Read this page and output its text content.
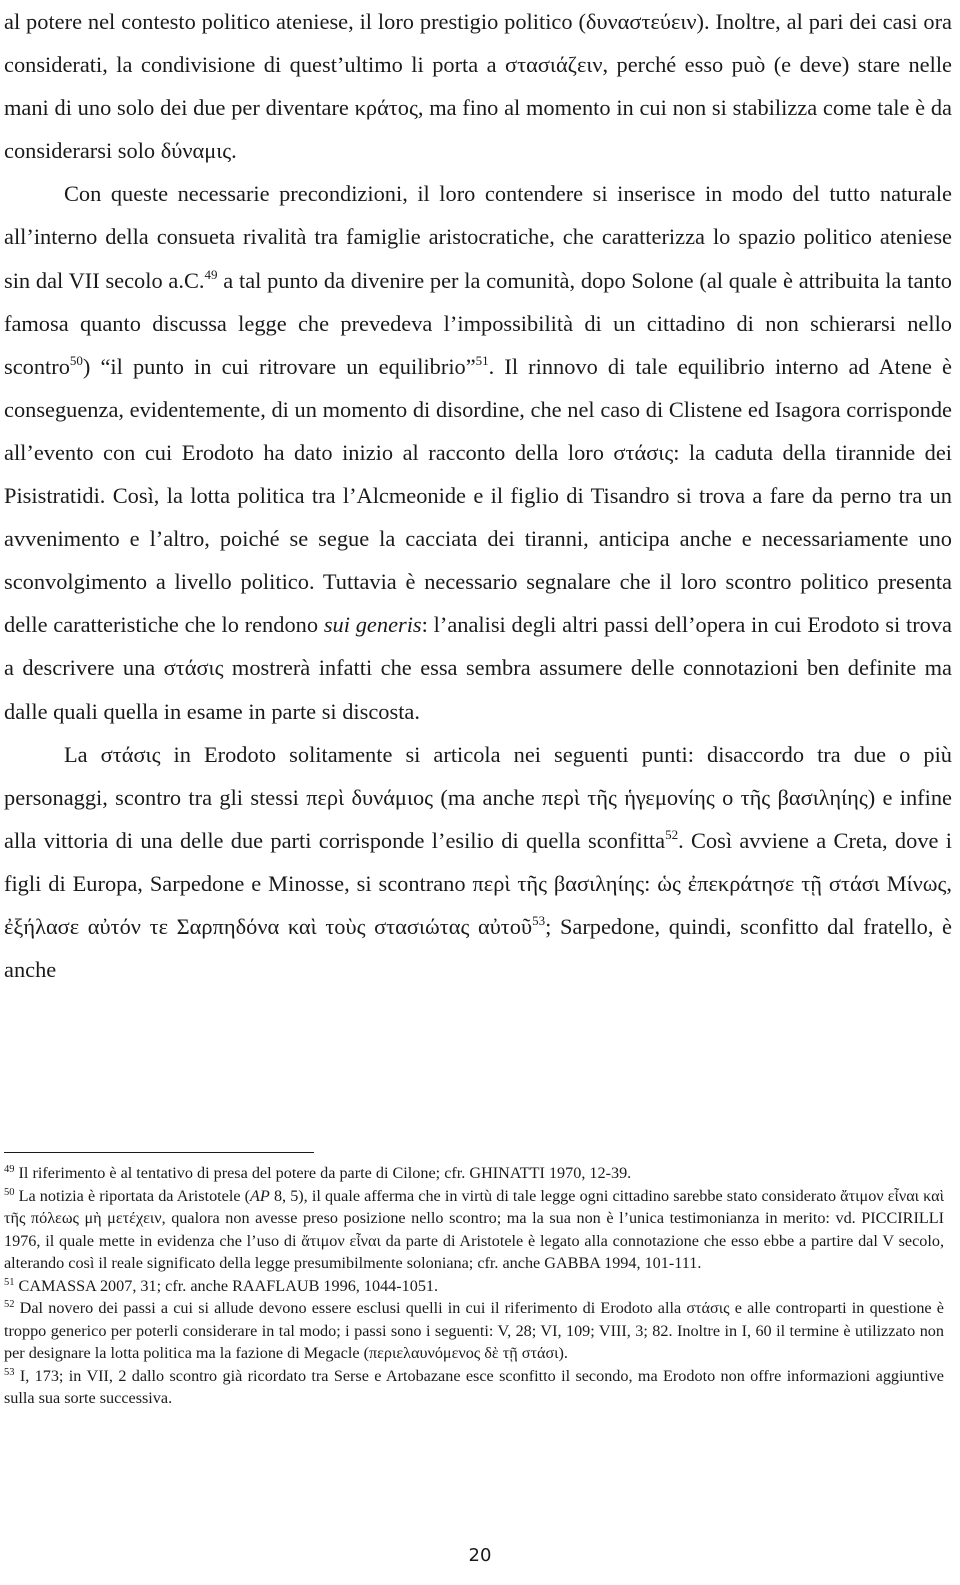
al potere nel contesto politico ateniese, il loro prestigio politico (δυναστεύειν). Inoltre, al pari dei casi ora considerati, la condivisione di quest’ultimo li porta a στασιάζειν, perché esso può (e deve) stare nelle mani di uno solo dei due per diventare κράτος, ma fino al momento in cui non si stabilizza come tale è da considerarsi solo δύναμις.

Con queste necessarie precondizioni, il loro contendere si inserisce in modo del tutto naturale all’interno della consueta rivalità tra famiglie aristocratiche, che caratterizza lo spazio politico ateniese sin dal VII secolo a.C.$^{49}$ a tal punto da divenire per la comunità, dopo Solone (al quale è attribuita la tanto famosa quanto discussa legge che prevedeva l’impossibilità di un cittadino di non schierarsi nello scontro$^{50}$) “il punto in cui ritrovare un equilibrio”$^{51}$. Il rinnovo di tale equilibrio interno ad Atene è conseguenza, evidentemente, di un momento di disordine, che nel caso di Clistene ed Isagora corrisponde all’evento con cui Erodoto ha dato inizio al racconto della loro στάσις: la caduta della tirannide dei Pisistratidi. Così, la lotta politica tra l’Alcmeonide e il figlio di Tisandro si trova a fare da perno tra un avvenimento e l’altro, poiché se segue la cacciata dei tiranni, anticipa anche e necessariamente uno sconvolgimento a livello politico. Tuttavia è necessario segnalare che il loro scontro politico presenta delle caratteristiche che lo rendono sui generis: l’analisi degli altri passi dell’opera in cui Erodoto si trova a descrivere una στάσις mostrerà infatti che essa sembra assumere delle connotazioni ben definite ma dalle quali quella in esame in parte si discosta.

La στάσις in Erodoto solitamente si articola nei seguenti punti: disaccordo tra due o più personaggi, scontro tra gli stessi περὶ δυνάμιος (ma anche περὶ τῆς ἡγεμονίης o τῆς βασιληίης) e infine alla vittoria di una delle due parti corrisponde l’esilio di quella sconfitta$^{52}$. Così avviene a Creta, dove i figli di Europa, Sarpedone e Minosse, si scontrano περὶ τῆς βασιληίης: ὡς ἐπεκράτησε τῇ στάσι Μίνως, ἐξήλασε αὐτόν τε Σαρπηδόνα καὶ τοὺς στασιώτας αὐτοῦ$^{53}$; Sarpedone, quindi, sconfitto dal fratello, è anche

$^{49}$ Il riferimento è al tentativo di presa del potere da parte di Cilone; cfr. GHINATTI 1970, 12-39.

$^{50}$ La notizia è riportata da Aristotele (AP 8, 5), il quale afferma che in virtù di tale legge ogni cittadino sarebbe stato considerato ἄτιμον εἶναι καὶ τῆς πόλεως μὴ μετέχειν, qualora non avesse preso posizione nello scontro; ma la sua non è l’unica testimonianza in merito: vd. PICCIRILLI 1976, il quale mette in evidenza che l’uso di ἄτιμον εἶναι da parte di Aristotele è legato alla connotazione che esso ebbe a partire dal V secolo, alterando così il reale significato della legge presumibilmente soloniana; cfr. anche GABBA 1994, 101-111.

$^{51}$ CAMASSA 2007, 31; cfr. anche RAAFLAUB 1996, 1044-1051.

$^{52}$ Dal novero dei passi a cui si allude devono essere esclusi quelli in cui il riferimento di Erodoto alla στάσις e alle controparti in questione è troppo generico per poterli considerare in tal modo; i passi sono i seguenti: V, 28; VI, 109; VIII, 3; 82. Inoltre in I, 60 il termine è utilizzato non per designare la lotta politica ma la fazione di Megacle (περιελαυνόμενος δὲ τῇ στάσι).

$^{53}$ I, 173; in VII, 2 dallo scontro già ricordato tra Serse e Artobazane esce sconfitto il secondo, ma Erodoto non offre informazioni aggiuntive sulla sua sorte successiva.

20
